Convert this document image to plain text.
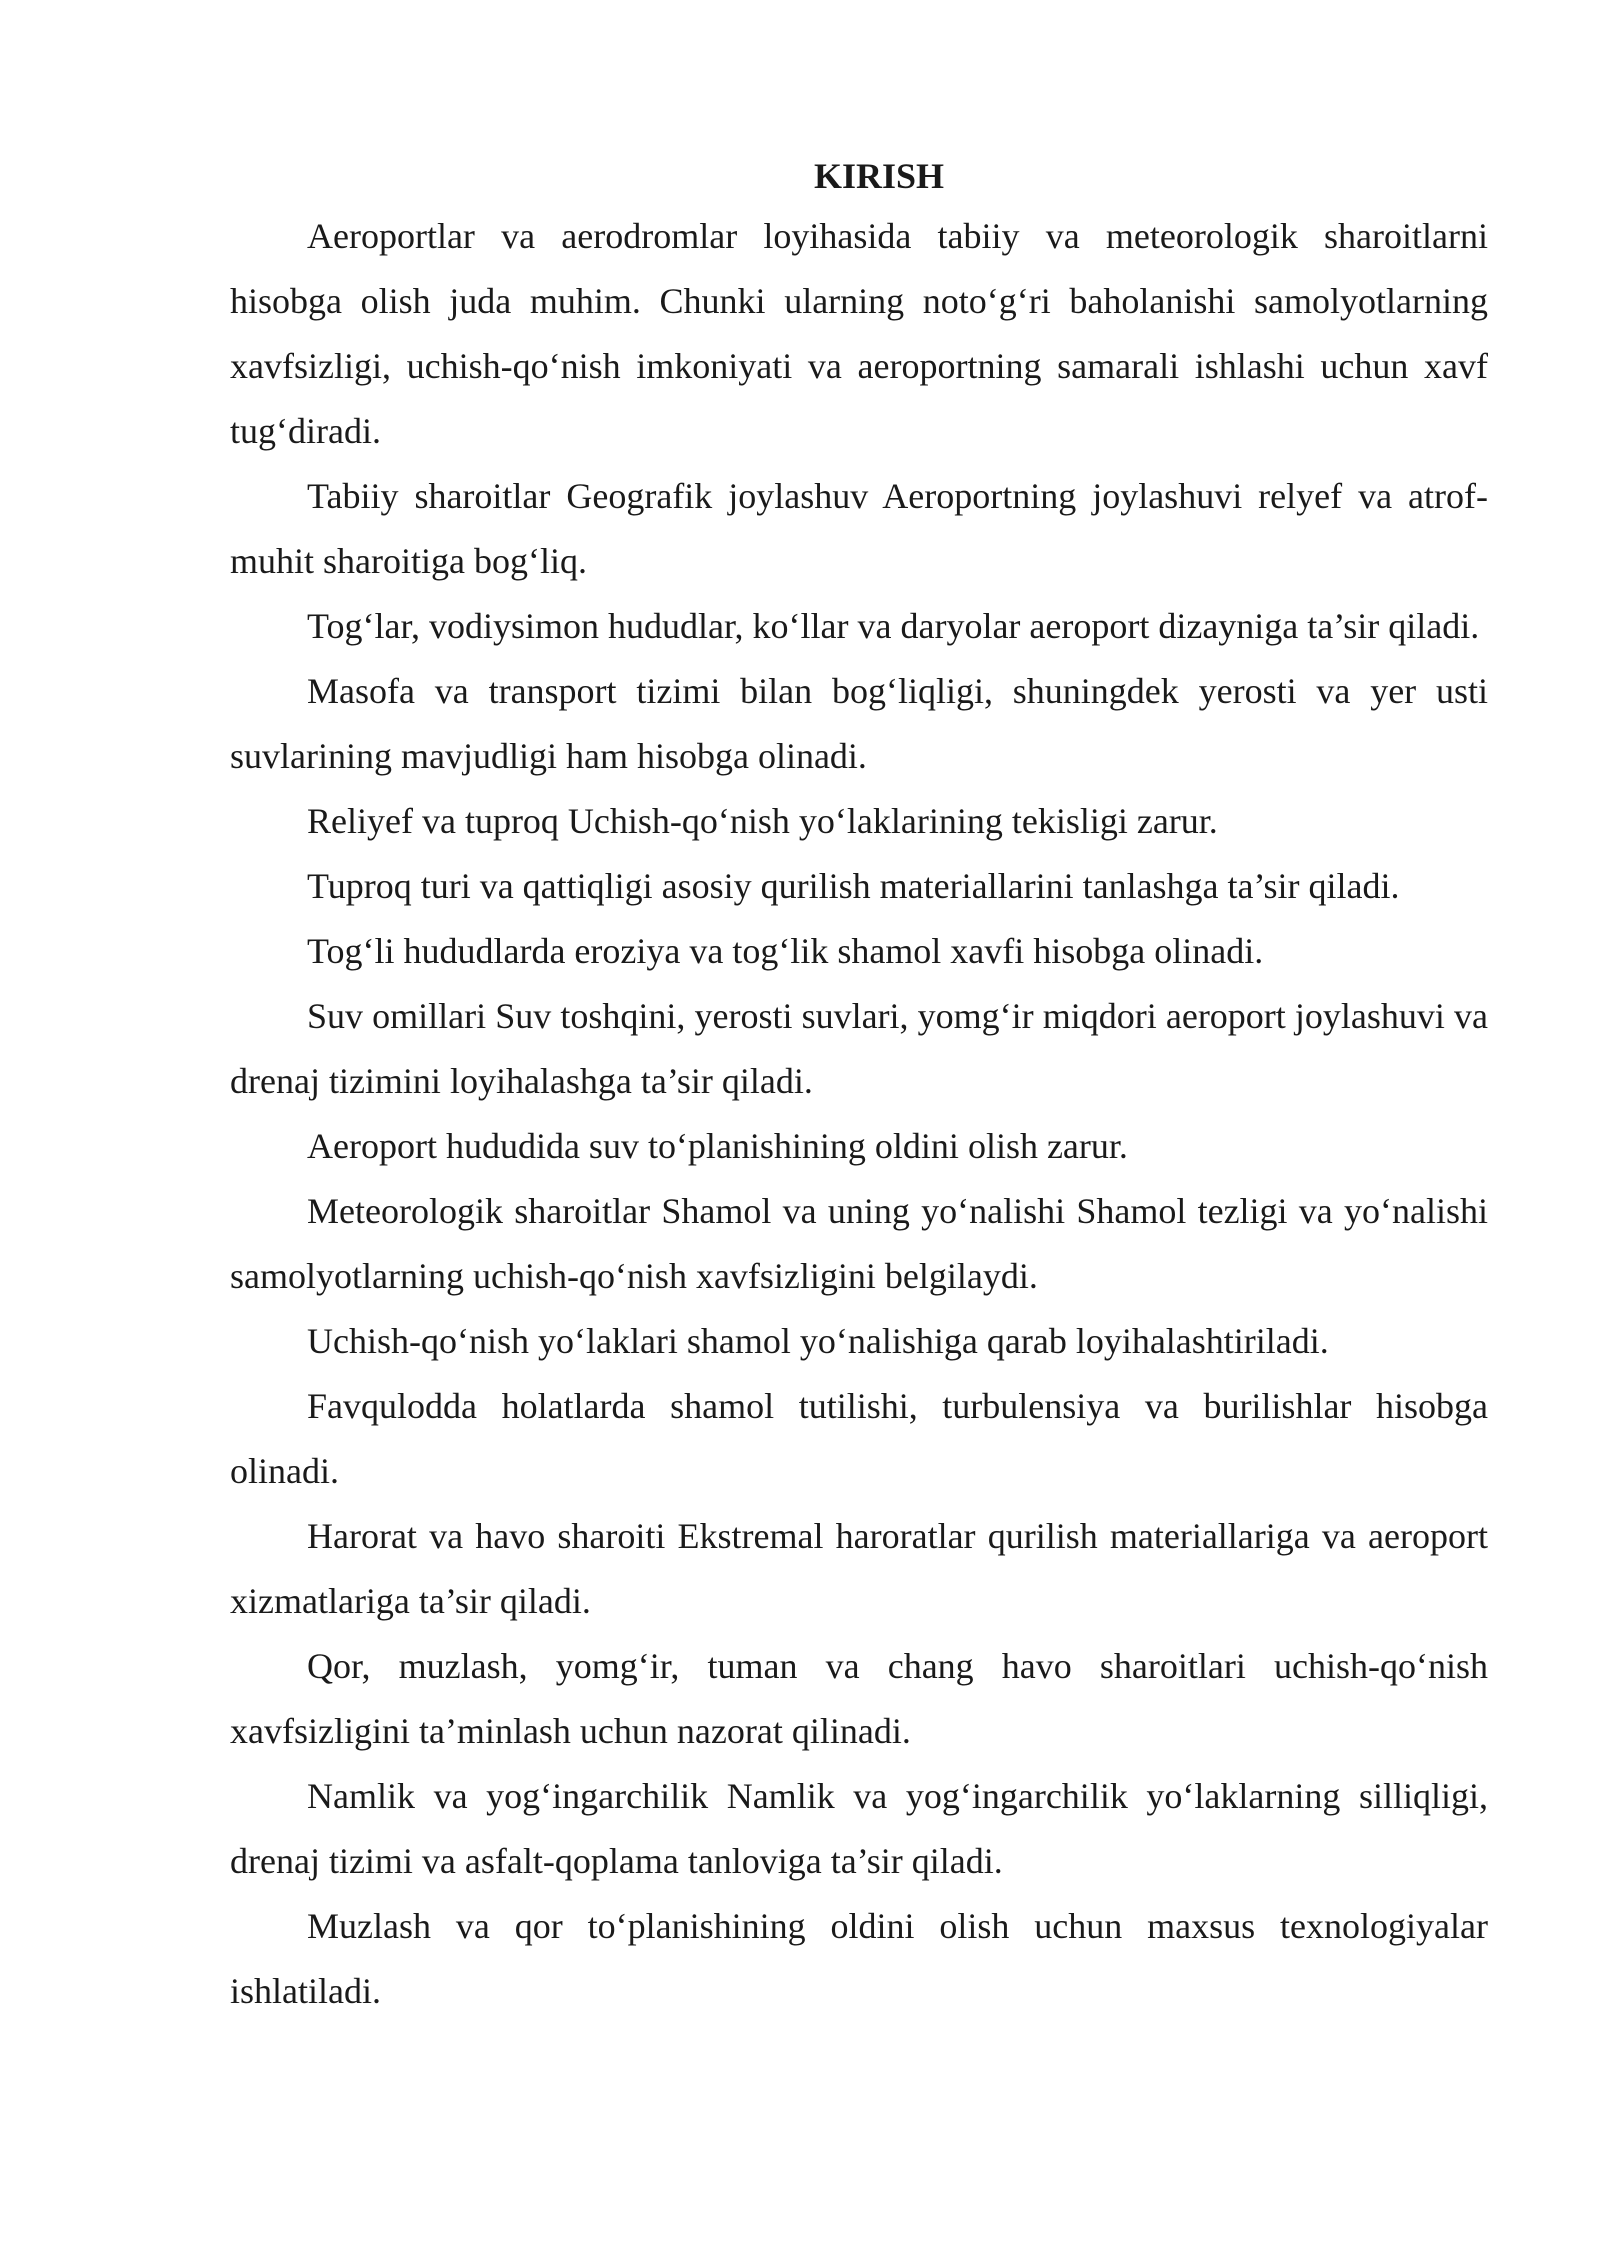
KIRISH

Aeroportlar va aerodromlar loyihasida tabiiy va meteorologik sharoitlarni hisobga olish juda muhim. Chunki ularning noto‘g‘ri baholanishi samolyotlarning xavfsizligi, uchish-qo‘nish imkoniyati va aeroportning samarali ishlashi uchun xavf tug‘diradi.

Tabiiy sharoitlar Geografik joylashuv Aeroportning joylashuvi relyef va atrof-muhit sharoitiga bog‘liq.

Tog‘lar, vodiysimon hududlar, ko‘llar va daryolar aeroport dizayniga ta’sir qiladi.

Masofa va transport tizimi bilan bog‘liqligi, shuningdek yerosti va yer usti suvlarining mavjudligi ham hisobga olinadi.

Reliyef va tuproq Uchish-qo‘nish yo‘laklarining tekisligi zarur.

Tuproq turi va qattiqligi asosiy qurilish materiallarini tanlashga ta’sir qiladi.

Tog‘li hududlarda eroziya va tog‘lik shamol xavfi hisobga olinadi.

Suv omillari Suv toshqini, yerosti suvlari, yomg‘ir miqdori aeroport joylashuvi va drenaj tizimini loyihalashga ta’sir qiladi.

Aeroport hududida suv to‘planishining oldini olish zarur.

Meteorologik sharoitlar Shamol va uning yo‘nalishi Shamol tezligi va yo‘nalishi samolyotlarning uchish-qo‘nish xavfsizligini belgilaydi.

Uchish-qo‘nish yo‘laklari shamol yo‘nalishiga qarab loyihalashtiriladi.

Favqulodda holatlarda shamol tutilishi, turbulensiya va burilishlar hisobga olinadi.

Harorat va havo sharoiti Ekstremal haroratlar qurilish materiallariga va aeroport xizmatlariga ta’sir qiladi.

Qor, muzlash, yomg‘ir, tuman va chang havo sharoitlari uchish-qo‘nish xavfsizligini ta’minlash uchun nazorat qilinadi.

Namlik va yog‘ingarchilik Namlik va yog‘ingarchilik yo‘laklarning silliqligi, drenaj tizimi va asfalt-qoplama tanloviga ta’sir qiladi.

Muzlash va qor to‘planishining oldini olish uchun maxsus texnologiyalar ishlatiladi.
